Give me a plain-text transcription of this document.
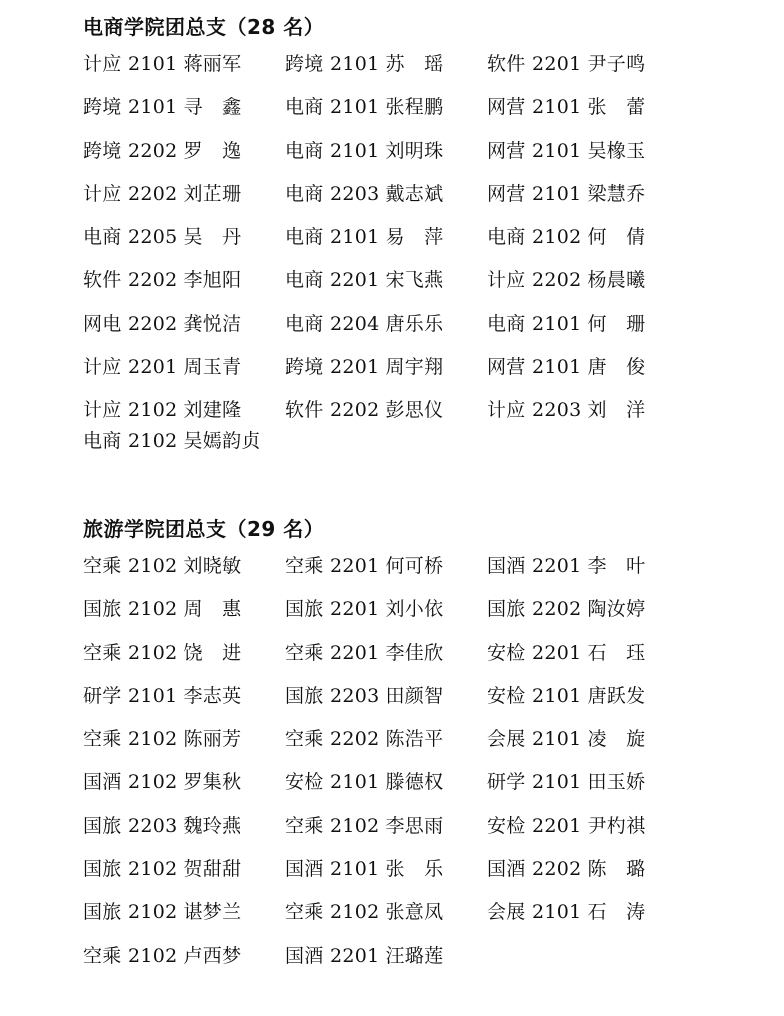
电商学院团总支（28 名）
计应 2101 蒋丽军	跨境 2101 苏　瑶	软件 2201 尹子鸣
跨境 2101 寻　鑫	电商 2101 张程鹏	网营 2101 张　蕾
跨境 2202 罗　逸	电商 2101 刘明珠	网营 2101 吴橡玉
计应 2202 刘芷珊	电商 2203 戴志斌	网营 2101 梁慧乔
电商 2205 吴　丹	电商 2101 易　萍	电商 2102 何　倩
软件 2202 李旭阳	电商 2201 宋飞燕	计应 2202 杨晨曦
网电 2202 龚悦洁	电商 2204 唐乐乐	电商 2101 何　珊
计应 2201 周玉青	跨境 2201 周宇翔	网营 2101 唐　俊
计应 2102 刘建隆	软件 2202 彭思仪	计应 2203 刘　洋
电商 2102 吴嫣韵贞
旅游学院团总支（29 名）
空乘 2102 刘晓敏	空乘 2201 何可桥	国酒 2201 李　叶
国旅 2102 周　惠	国旅 2201 刘小依	国旅 2202 陶汝婷
空乘 2102 饶　进	空乘 2201 李佳欣	安检 2201 石　珏
研学 2101 李志英	国旅 2203 田颜智	安检 2101 唐跃发
空乘 2102 陈丽芳	空乘 2202 陈浩平	会展 2101 凌　旋
国酒 2102 罗集秋	安检 2101 滕德权	研学 2101 田玉娇
国旅 2203 魏玲燕	空乘 2102 李思雨	安检 2201 尹杓祺
国旅 2102 贺甜甜	国酒 2101 张　乐	国酒 2202 陈　璐
国旅 2102 谌梦兰	空乘 2102 张意凤	会展 2101 石　涛
空乘 2102 卢西梦	国酒 2201 汪璐莲
